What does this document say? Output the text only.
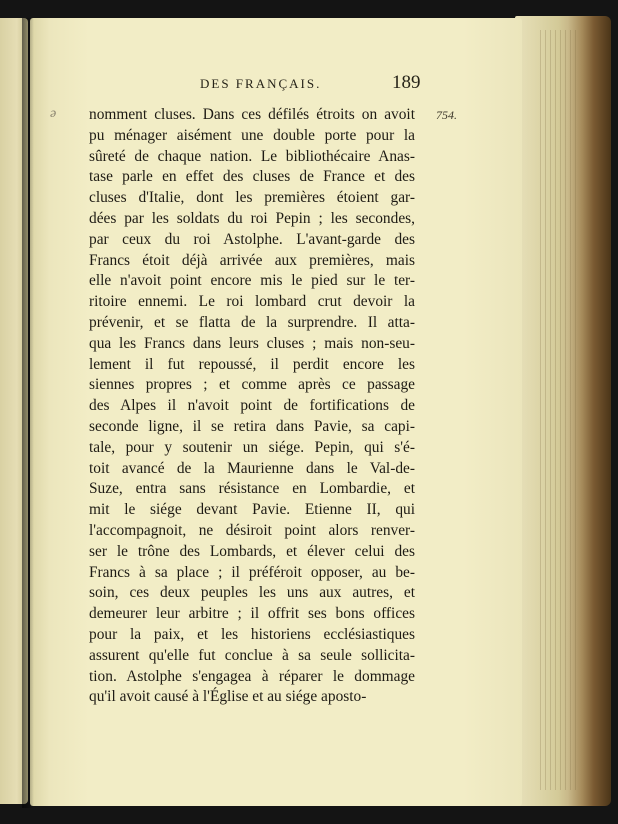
DES FRANÇAIS.	189
ə	754.
nomment cluses. Dans ces défilés étroits on avoit
pu ménager aisément une double porte pour la
sûreté de chaque nation. Le bibliothécaire Anas-
tase parle en effet des cluses de France et des
cluses d'Italie, dont les premières étoient gar-
dées par les soldats du roi Pepin ; les secondes,
par ceux du roi Astolphe. L'avant-garde des
Francs étoit déjà arrivée aux premières, mais
elle n'avoit point encore mis le pied sur le ter-
ritoire ennemi. Le roi lombard crut devoir la
prévenir, et se flatta de la surprendre. Il atta-
qua les Francs dans leurs cluses ; mais non-seu-
lement il fut repoussé, il perdit encore les
siennes propres ; et comme après ce passage
des Alpes il n'avoit point de fortifications de
seconde ligne, il se retira dans Pavie, sa capi-
tale, pour y soutenir un siége. Pepin, qui s'é-
toit avancé de la Maurienne dans le Val-de-
Suze, entra sans résistance en Lombardie, et
mit le siége devant Pavie. Etienne II, qui
l'accompagnoit, ne désiroit point alors renver-
ser le trône des Lombards, et élever celui des
Francs à sa place ; il préféroit opposer, au be-
soin, ces deux peuples les uns aux autres, et
demeurer leur arbitre ; il offrit ses bons offices
pour la paix, et les historiens ecclésiastiques
assurent qu'elle fut conclue à sa seule sollicita-
tion. Astolphe s'engagea à réparer le dommage
qu'il avoit causé à l'Église et au siége aposto-
